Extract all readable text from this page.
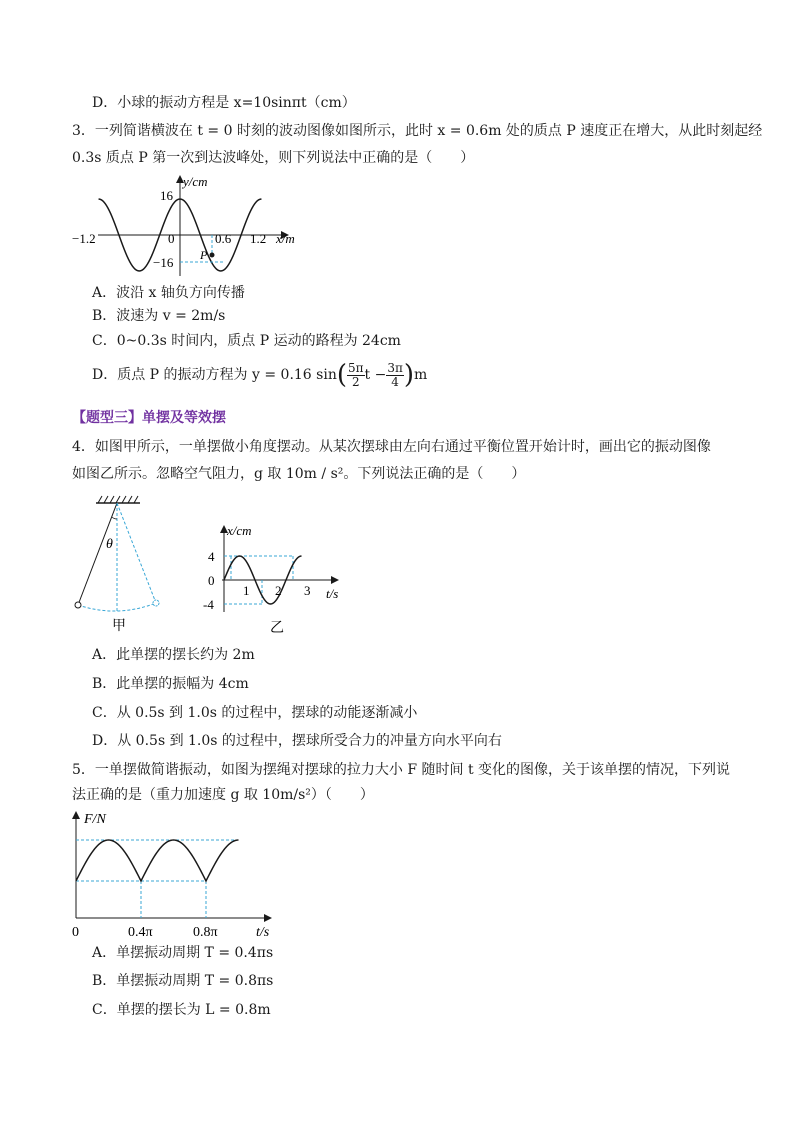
D．小球的振动方程是 x=10sinπt（cm）
3．一列简谐横波在 t = 0 时刻的波动图像如图所示，此时 x = 0.6m 处的质点 P 速度正在增大，从此时刻起经
0.3s 质点 P 第一次到达波峰处，则下列说法中正确的是（　　）
y/cm
x/m
16
−16
0
−1.2	0.6 1.2
P
A．波沿 x 轴负方向传播
B．波速为 v = 2m/s
C．0~0.3s 时间内，质点 P 运动的路程为 24cm
D．质点 P 的振动方程为 y = 0.16 $\sin( \frac{5\pi}{2}$ $t - \frac{3\pi}{4} )m$
【题型三】单摆及等效摆
4．如图甲所示，一单摆做小角度摆动。从某次摆球由左向右通过平衡位置开始计时，画出它的振动图像
如图乙所示。忽略空气阻力，g 取 10m / s²。下列说法正确的是（　　）
θ
甲
x/cm
t/s
4
0
-4
1 2 3
乙
A．此单摆的摆长约为 2m
B．此单摆的振幅为 4cm
C．从 0.5s 到 1.0s 的过程中，摆球的动能逐渐减小
D．从 0.5s 到 1.0s 的过程中，摆球所受合力的冲量方向水平向右
5．一单摆做简谐振动，如图为摆绳对摆球的拉力大小 F 随时间 t 变化的图像，关于该单摆的情况，下列说
法正确的是（重力加速度 g 取 10m/s²）（　　）
F/N
t/s
0	0.4π	0.8π
A．单摆振动周期 T = 0.4πs
B．单摆振动周期 T = 0.8πs
C．单摆的摆长为 L = 0.8m
